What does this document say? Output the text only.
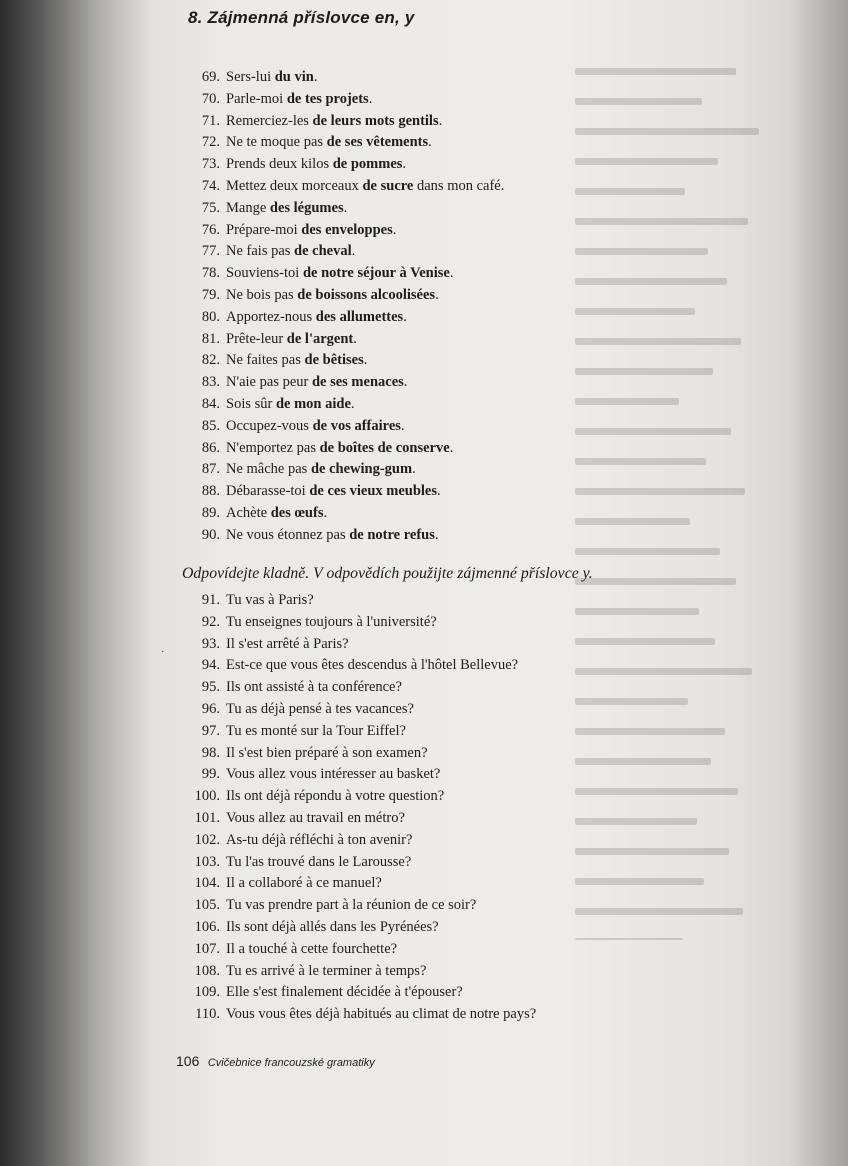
8. Zájmenná příslovce en, y
69. Sers-lui du vin.
70. Parle-moi de tes projets.
71. Remerciez-les de leurs mots gentils.
72. Ne te moque pas de ses vêtements.
73. Prends deux kilos de pommes.
74. Mettez deux morceaux de sucre dans mon café.
75. Mange des légumes.
76. Prépare-moi des enveloppes.
77. Ne fais pas de cheval.
78. Souviens-toi de notre séjour à Venise.
79. Ne bois pas de boissons alcoolisées.
80. Apportez-nous des allumettes.
81. Prête-leur de l'argent.
82. Ne faites pas de bêtises.
83. N'aie pas peur de ses menaces.
84. Sois sûr de mon aide.
85. Occupez-vous de vos affaires.
86. N'emportez pas de boîtes de conserve.
87. Ne mâche pas de chewing-gum.
88. Débarasse-toi de ces vieux meubles.
89. Achète des œufs.
90. Ne vous étonnez pas de notre refus.
Odpovídejte kladně. V odpovědích použijte zájmenné příslovce y.
·
91. Tu vas à Paris?
92. Tu enseignes toujours à l'université?
93. Il s'est arrêté à Paris?
94. Est-ce que vous êtes descendus à l'hôtel Bellevue?
95. Ils ont assisté à ta conférence?
96. Tu as déjà pensé à tes vacances?
97. Tu es monté sur la Tour Eiffel?
98. Il s'est bien préparé à son examen?
99. Vous allez vous intéresser au basket?
100. Ils ont déjà répondu à votre question?
101. Vous allez au travail en métro?
102. As-tu déjà réfléchi à ton avenir?
103. Tu l'as trouvé dans le Larousse?
104. Il a collaboré à ce manuel?
105. Tu vas prendre part à la réunion de ce soir?
106. Ils sont déjà allés dans les Pyrénées?
107. Il a touché à cette fourchette?
108. Tu es arrivé à le terminer à temps?
109. Elle s'est finalement décidée à t'épouser?
110. Vous vous êtes déjà habitués au climat de notre pays?
106 Cvičebnice francouzské gramatiky
